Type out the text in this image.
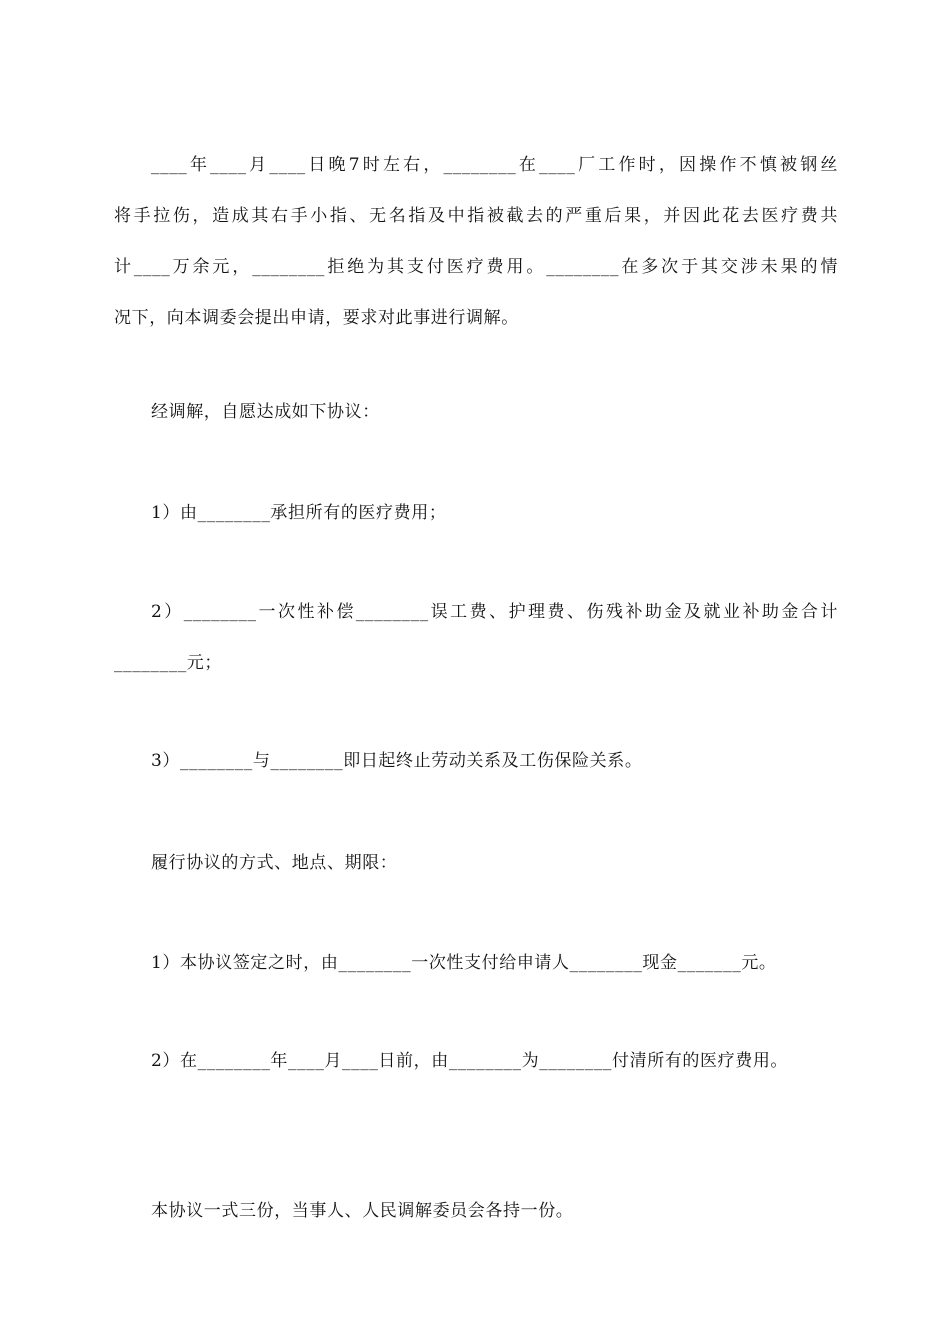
____年____月____日晚7时左右，________在____厂工作时，因操作不慎被钢丝
将手拉伤，造成其右手小指、无名指及中指被截去的严重后果，并因此花去医疗费共
计____万余元，________拒绝为其支付医疗费用。________在多次于其交涉未果的情
况下，向本调委会提出申请，要求对此事进行调解。

经调解，自愿达成如下协议：

1）由________承担所有的医疗费用；

2）________一次性补偿________误工费、护理费、伤残补助金及就业补助金合计
________元；

3）________与________即日起终止劳动关系及工伤保险关系。

履行协议的方式、地点、期限：

1）本协议签定之时，由________一次性支付给申请人________现金_______元。

2）在________年____月____日前，由________为________付清所有的医疗费用。

本协议一式三份，当事人、人民调解委员会各持一份。
